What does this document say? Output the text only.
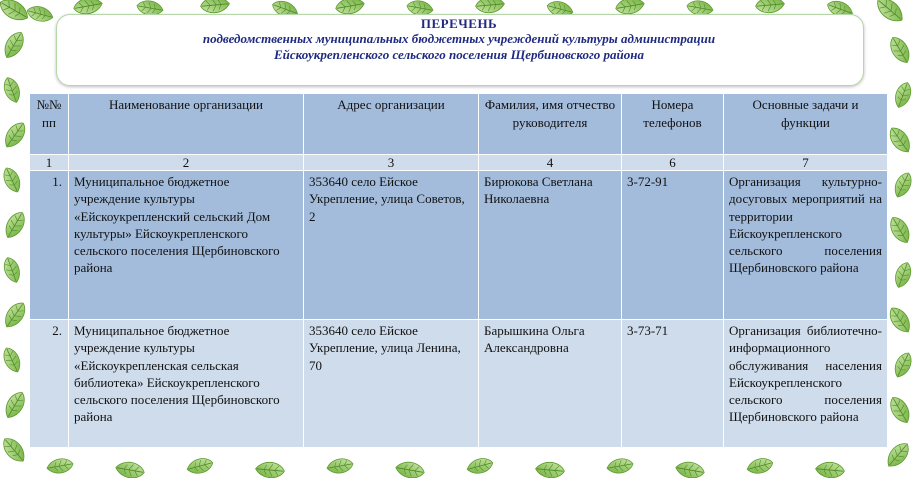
ПЕРЕЧЕНЬ
подведомственных муниципальных бюджетных учреждений культуры администрации
Ейскоукрепленского сельского поселения Щербиновского района
№№ пп	Наименование организации	Адрес организации	Фамилия, имя отчество руководителя	Номера телефонов	Основные задачи и функции
1	2	3	4	6	7
1.	Муниципальное бюджетное учреждение культуры «Ейскоукрепленский сельский Дом культуры» Ейскоукрепленского сельского поселения Щербиновского района	353640 село Ейское Укрепление, улица Советов, 2	Бирюкова Светлана Николаевна	3-72-91	Организация культурно-досуговых мероприятий на территории Ейскоукрепленского сельского поселения Щербиновского района
2.	Муниципальное бюджетное учреждение культуры «Ейскоукрепленская сельская библиотека» Ейскоукрепленского сельского поселения Щербиновского района	353640 село Ейское Укрепление, улица Ленина, 70	Барышкина Ольга Александровна	3-73-71	Организация библиотечно-информационного обслуживания населения Ейскоукрепленского сельского поселения Щербиновского района
